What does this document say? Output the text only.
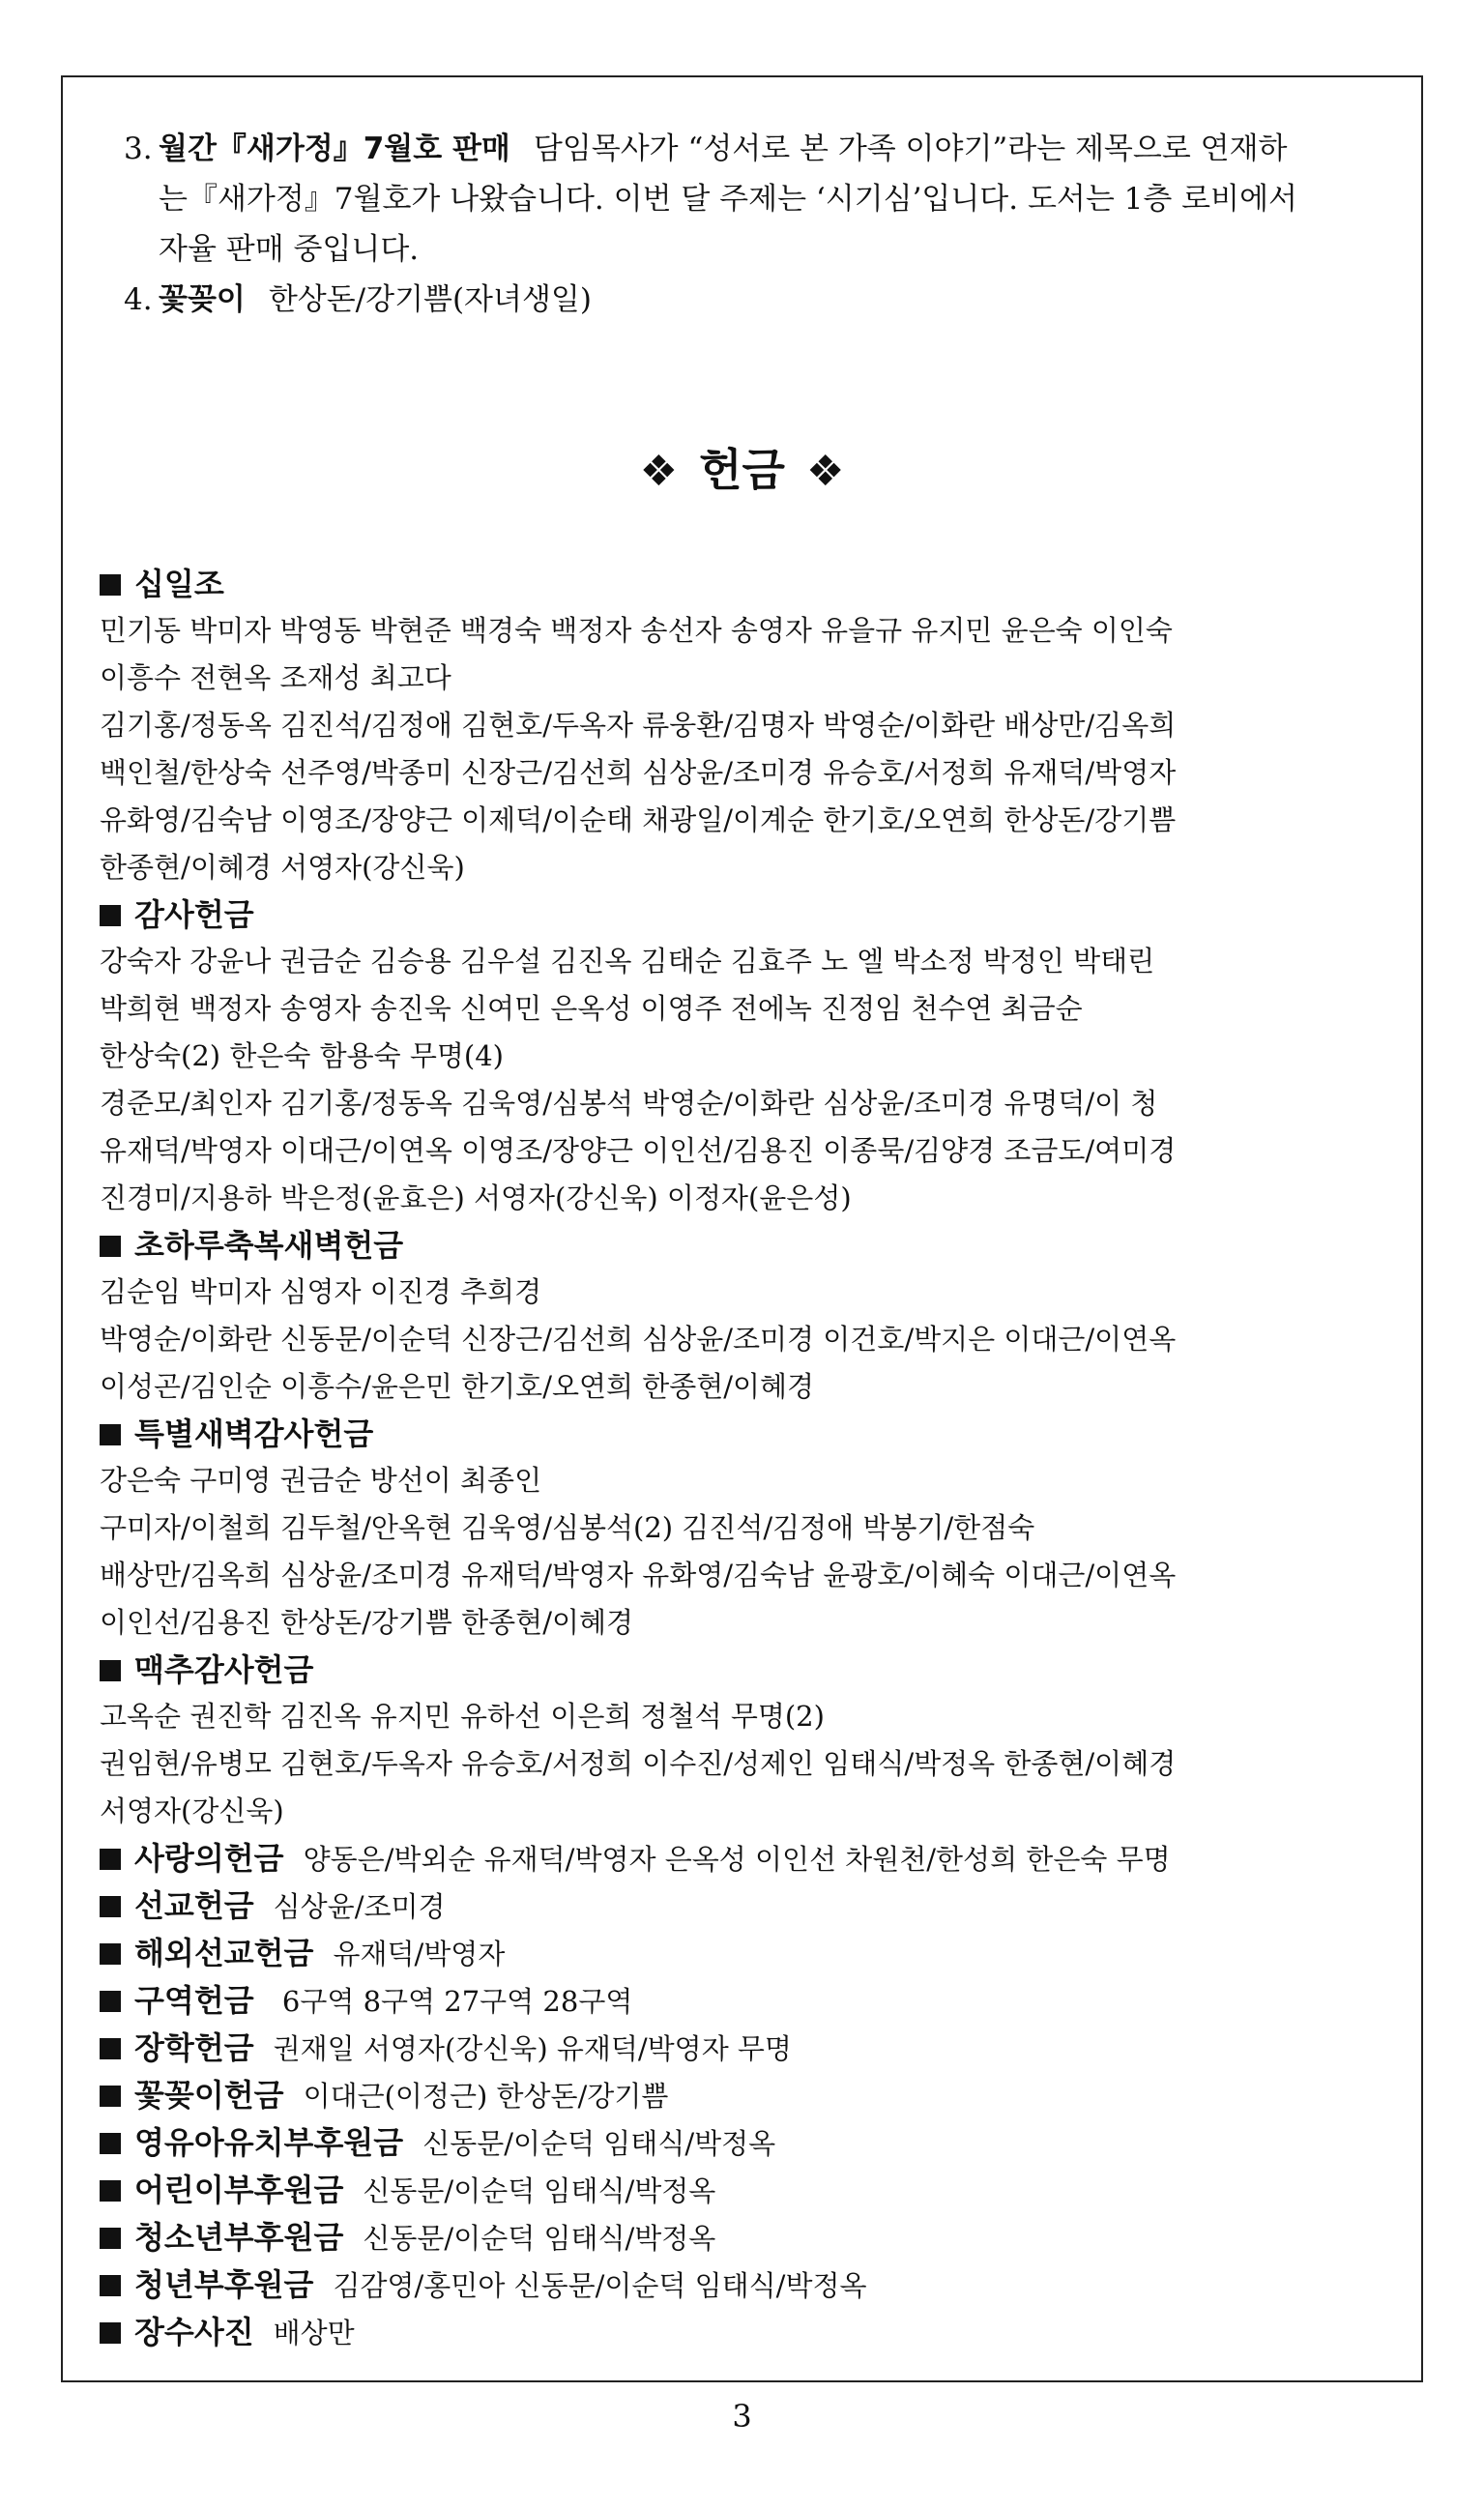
3. 월간『새가정』7월호 판매 담임목사가 “성서로 본 가족 이야기”라는 제목으로 연재하
는『새가정』7월호가 나왔습니다. 이번 달 주제는 ‘시기심’입니다. 도서는 1층 로비에서
자율 판매 중입니다.
4. 꽃꽂이 한상돈/강기쁨(자녀생일)
❖ 헌금 ❖
십일조
민기동 박미자 박영동 박현준 백경숙 백정자 송선자 송영자 유을규 유지민 윤은숙 이인숙
이흥수 전현옥 조재성 최고다
김기홍/정동옥 김진석/김정애 김현호/두옥자 류웅환/김명자 박영순/이화란 배상만/김옥희
백인철/한상숙 선주영/박종미 신장근/김선희 심상윤/조미경 유승호/서정희 유재덕/박영자
유화영/김숙남 이영조/장양근 이제덕/이순태 채광일/이계순 한기호/오연희 한상돈/강기쁨
한종현/이혜경 서영자(강신욱)
감사헌금
강숙자 강윤나 권금순 김승용 김우설 김진옥 김태순 김효주 노 엘 박소정 박정인 박태린
박희현 백정자 송영자 송진욱 신여민 은옥성 이영주 전에녹 진정임 천수연 최금순
한상숙(2) 한은숙 함용숙 무명(4)
경준모/최인자 김기홍/정동옥 김욱영/심봉석 박영순/이화란 심상윤/조미경 유명덕/이 청
유재덕/박영자 이대근/이연옥 이영조/장양근 이인선/김용진 이종묵/김양경 조금도/여미경
진경미/지용하 박은정(윤효은) 서영자(강신욱) 이정자(윤은성)
초하루축복새벽헌금
김순임 박미자 심영자 이진경 추희경
박영순/이화란 신동문/이순덕 신장근/김선희 심상윤/조미경 이건호/박지은 이대근/이연옥
이성곤/김인순 이흥수/윤은민 한기호/오연희 한종현/이혜경
특별새벽감사헌금
강은숙 구미영 권금순 방선이 최종인
구미자/이철희 김두철/안옥현 김욱영/심봉석(2) 김진석/김정애 박봉기/한점숙
배상만/김옥희 심상윤/조미경 유재덕/박영자 유화영/김숙남 윤광호/이혜숙 이대근/이연옥
이인선/김용진 한상돈/강기쁨 한종현/이혜경
맥추감사헌금
고옥순 권진학 김진옥 유지민 유하선 이은희 정철석 무명(2)
권임현/유병모 김현호/두옥자 유승호/서정희 이수진/성제인 임태식/박정옥 한종현/이혜경
서영자(강신욱)
사랑의헌금 양동은/박외순 유재덕/박영자 은옥성 이인선 차원천/한성희 한은숙 무명
선교헌금 심상윤/조미경
해외선교헌금 유재덕/박영자
구역헌금 6구역 8구역 27구역 28구역
장학헌금 권재일 서영자(강신욱) 유재덕/박영자 무명
꽃꽂이헌금 이대근(이정근) 한상돈/강기쁨
영유아유치부후원금 신동문/이순덕 임태식/박정옥
어린이부후원금 신동문/이순덕 임태식/박정옥
청소년부후원금 신동문/이순덕 임태식/박정옥
청년부후원금 김감영/홍민아 신동문/이순덕 임태식/박정옥
장수사진 배상만
3
